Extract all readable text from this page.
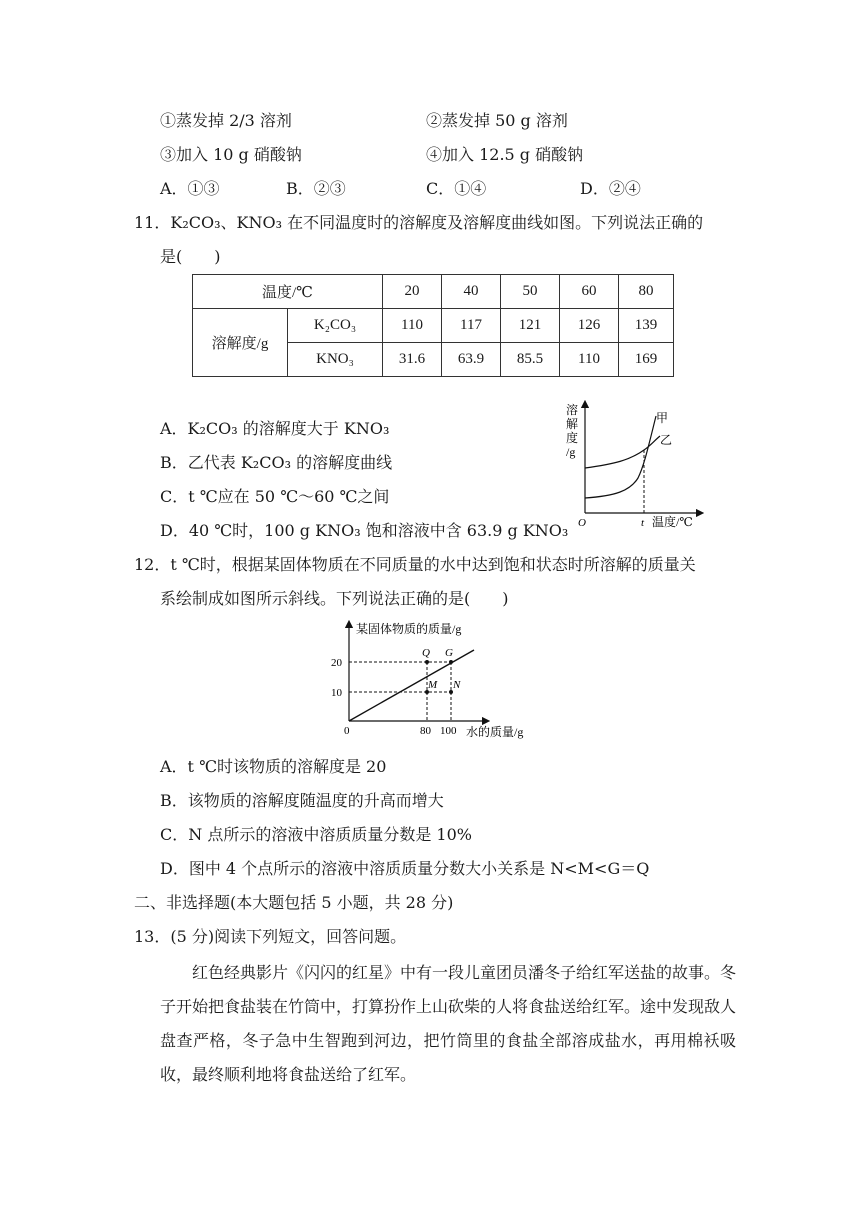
①蒸发掉 2/3 溶剂	②蒸发掉 50 g 溶剂
③加入 10 g 硝酸钠	④加入 12.5 g 硝酸钠
A．①③	B．②③	C．①④	D．②④
11．K₂CO₃、KNO₃ 在不同温度时的溶解度及溶解度曲线如图。下列说法正确的
是(　　)
温度/℃		20	40	50	60	80
溶解度/g	K₂CO₃	110	117	121	126	139
	KNO₃	31.6	63.9	85.5	110	169
A．K₂CO₃ 的溶解度大于 KNO₃
B．乙代表 K₂CO₃ 的溶解度曲线
C．t ℃应在 50 ℃～60 ℃之间
D．40 ℃时，100 g KNO₃ 饱和溶液中含 63.9 g KNO₃
溶
解
度
/g
甲
乙
O	t 温度/℃
12．t ℃时，根据某固体物质在不同质量的水中达到饱和状态时所溶解的质量关
系绘制成如图所示斜线。下列说法正确的是(　　)
某固体物质的质量/g
水的质量/g
Q G
M N
20
10
0	80 100
A．t ℃时该物质的溶解度是 20
B．该物质的溶解度随温度的升高而增大
C．N 点所示的溶液中溶质质量分数是 10%
D．图中 4 个点所示的溶液中溶质质量分数大小关系是 N<M<G＝Q
二、非选择题(本大题包括 5 小题，共 28 分)
13．(5 分)阅读下列短文，回答问题。
红色经典影片《闪闪的红星》中有一段儿童团员潘冬子给红军送盐的故事。冬子开始把食盐装在竹筒中，打算扮作上山砍柴的人将食盐送给红军。途中发现敌人盘查严格，冬子急中生智跑到河边，把竹筒里的食盐全部溶成盐水，再用棉袄吸收，最终顺利地将食盐送给了红军。
